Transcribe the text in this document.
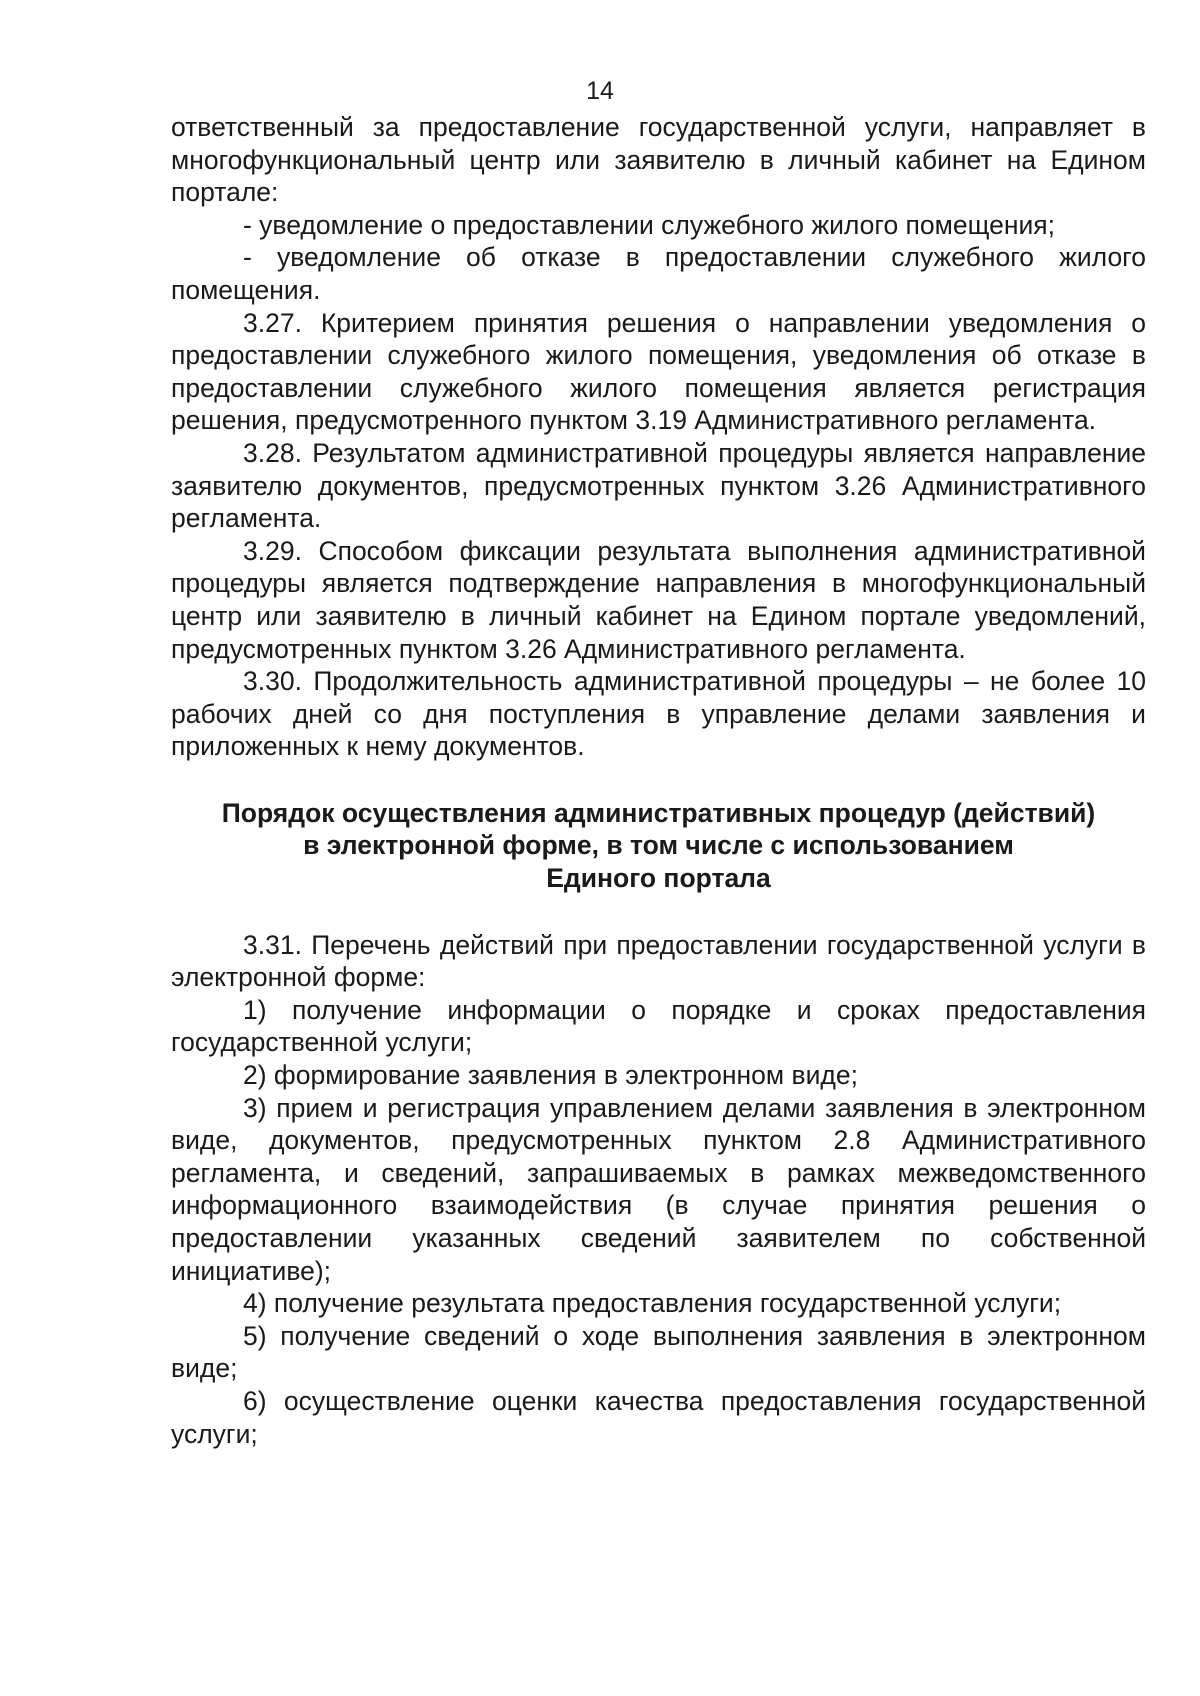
14

ответственный за предоставление государственной услуги, направляет в многофункциональный центр или заявителю в личный кабинет на Едином портале:

- уведомление о предоставлении служебного жилого помещения;

- уведомление об отказе в предоставлении служебного жилого помещения.

3.27. Критерием принятия решения о направлении уведомления о предоставлении служебного жилого помещения, уведомления об отказе в предоставлении служебного жилого помещения является регистрация решения, предусмотренного пунктом 3.19 Административного регламента.

3.28. Результатом административной процедуры является направление заявителю документов, предусмотренных пунктом 3.26 Административного регламента.

3.29. Способом фиксации результата выполнения административной процедуры является подтверждение направления в многофункциональный центр или заявителю в личный кабинет на Едином портале уведомлений, предусмотренных пунктом 3.26 Административного регламента.

3.30. Продолжительность административной процедуры – не более 10 рабочих дней со дня поступления в управление делами заявления и приложенных к нему документов.

Порядок осуществления административных процедур (действий)
в электронной форме, в том числе с использованием
Единого портала

3.31. Перечень действий при предоставлении государственной услуги в электронной форме:

1) получение информации о порядке и сроках предоставления государственной услуги;

2) формирование заявления в электронном виде;

3) прием и регистрация управлением делами заявления в электронном виде, документов, предусмотренных пунктом 2.8 Административного регламента, и сведений, запрашиваемых в рамках межведомственного информационного взаимодействия (в случае принятия решения о предоставлении указанных сведений заявителем по собственной инициативе);

4) получение результата предоставления государственной услуги;

5) получение сведений о ходе выполнения заявления в электронном виде;

6) осуществление оценки качества предоставления государственной услуги;
